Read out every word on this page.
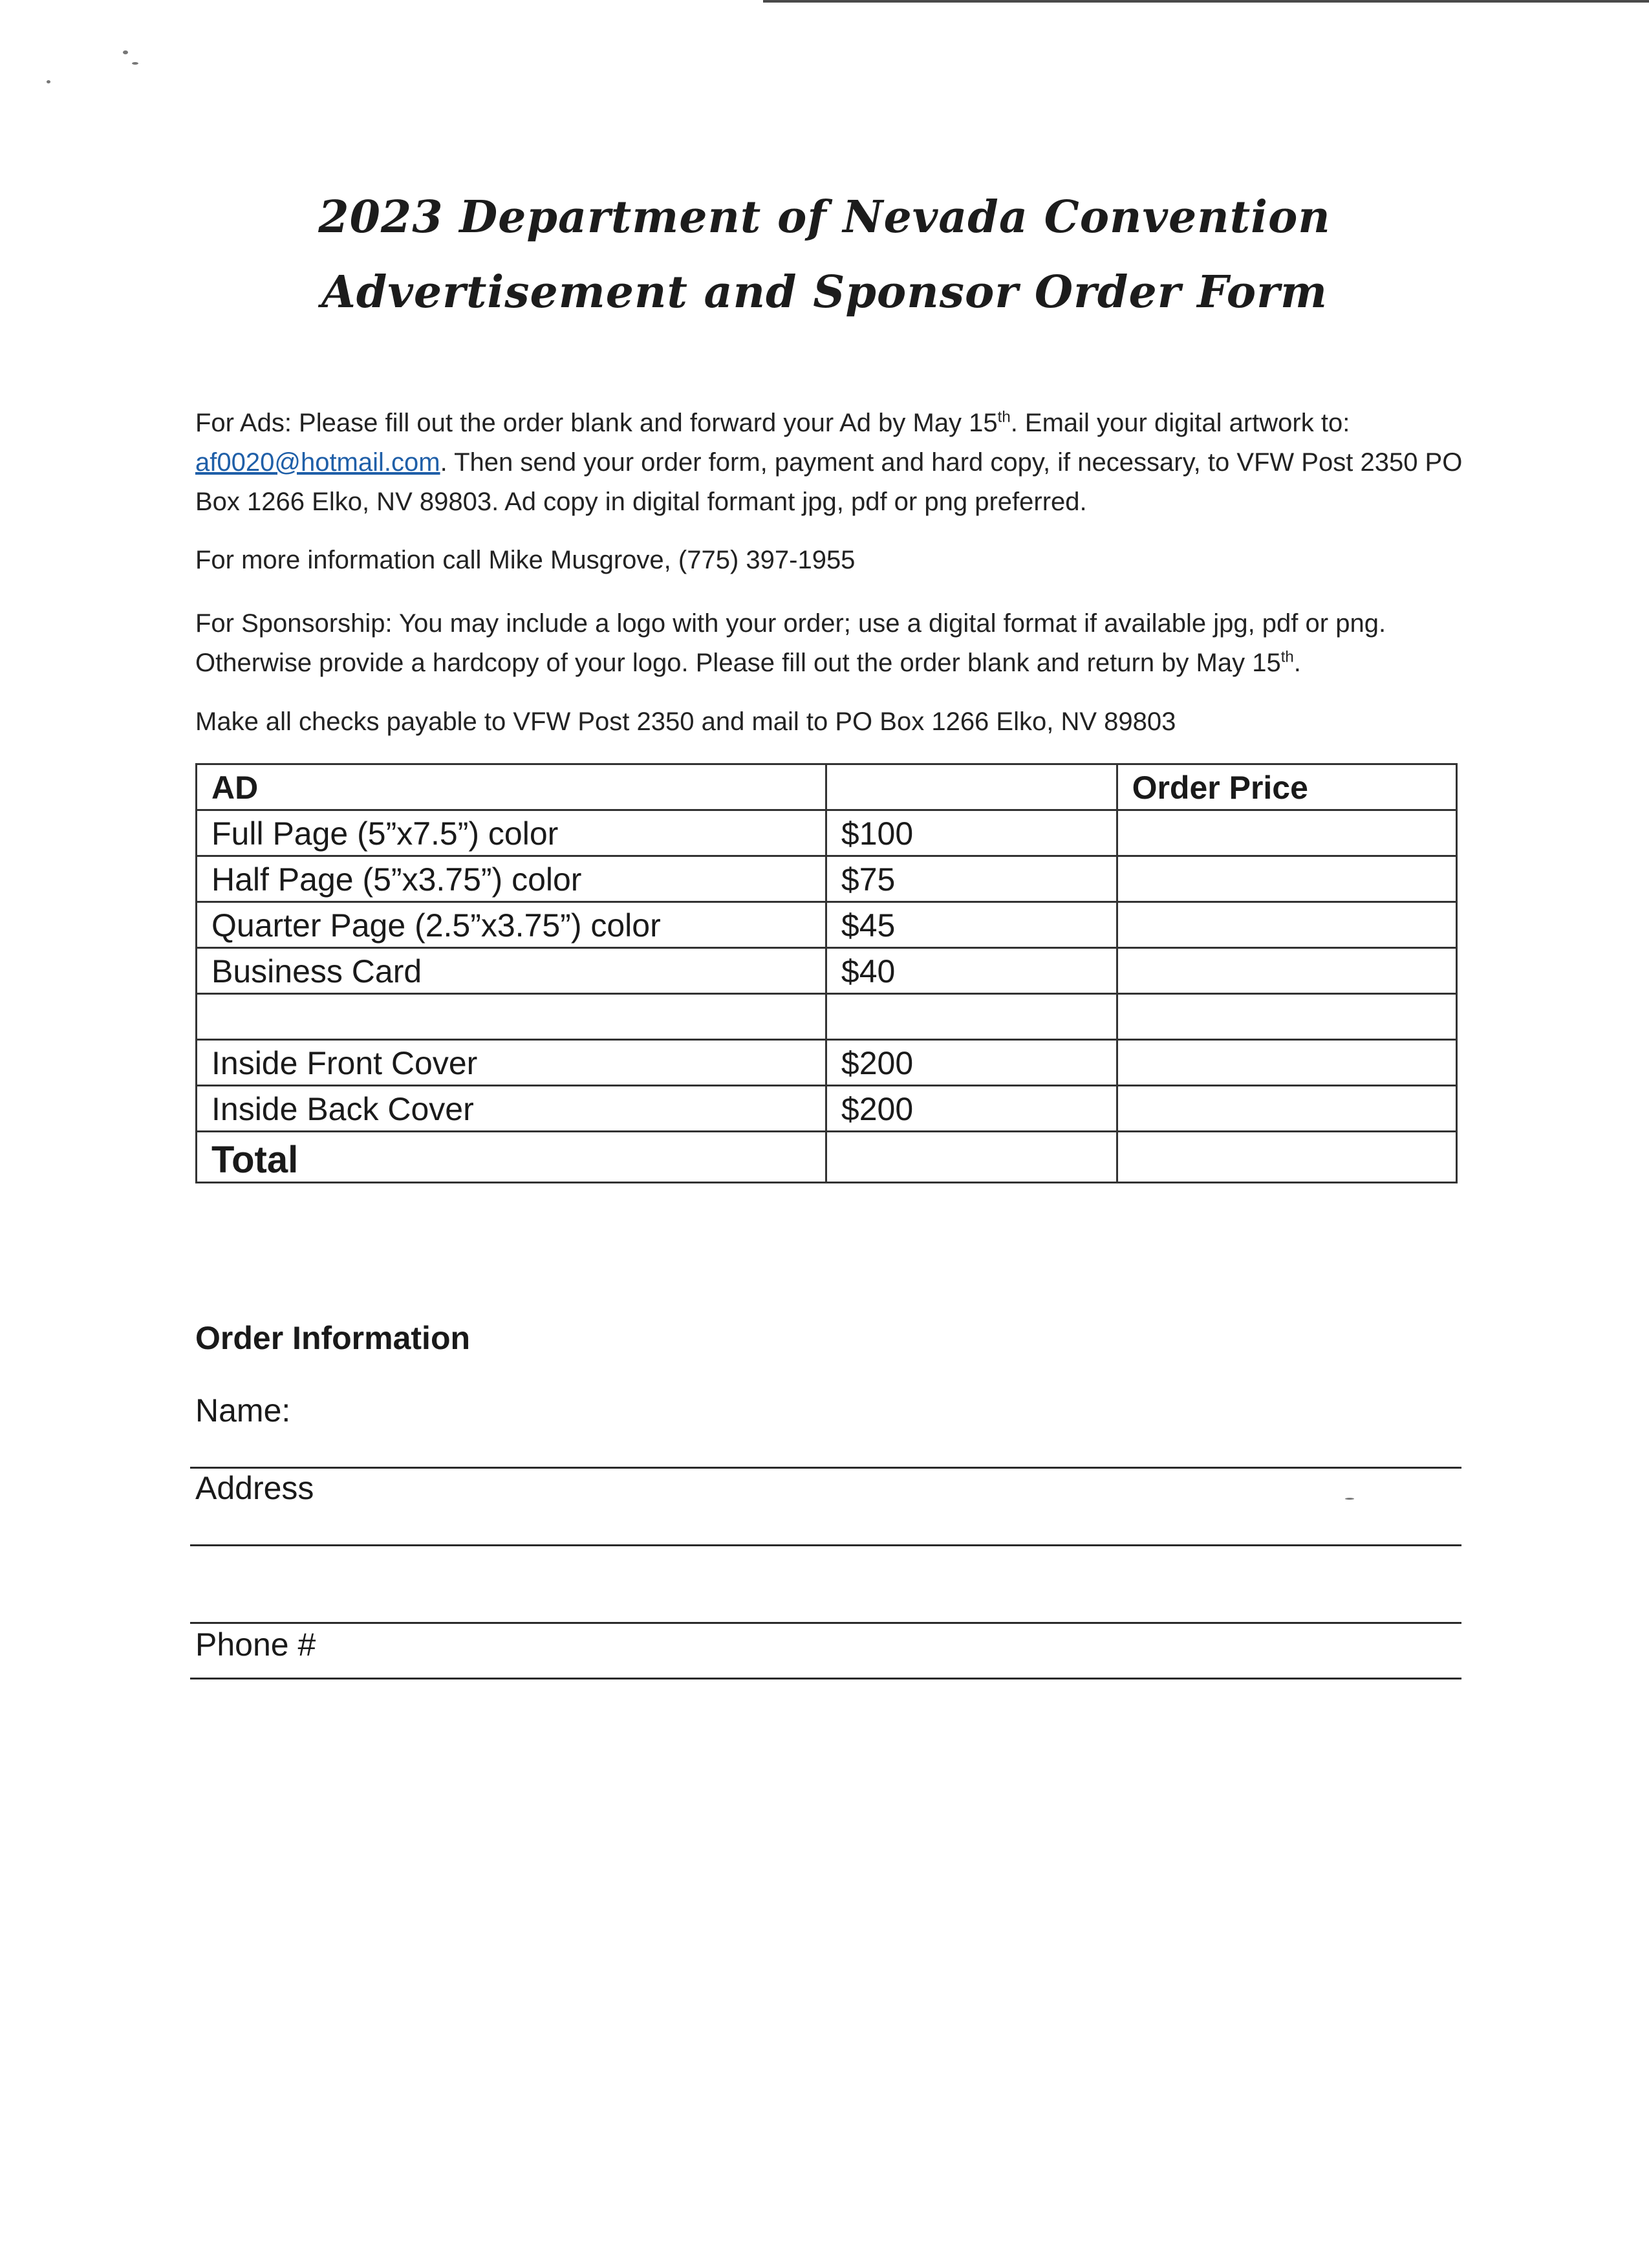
2023 Department of Nevada Convention
Advertisement and Sponsor Order Form
For Ads: Please fill out the order blank and forward your Ad by May 15th. Email your digital artwork to:
af0020@hotmail.com. Then send your order form, payment and hard copy, if necessary, to VFW Post 2350 PO Box 1266 Elko, NV 89803. Ad copy in digital formant jpg, pdf or png preferred.
For more information call Mike Musgrove, (775) 397-1955
For Sponsorship: You may include a logo with your order; use a digital format if available jpg, pdf or png. Otherwise provide a hardcopy of your logo. Please fill out the order blank and return by May 15th.
Make all checks payable to VFW Post 2350 and mail to PO Box 1266 Elko, NV 89803
AD		Order Price
Full Page (5”x7.5”) color	$100	
Half Page (5”x3.75”) color	$75	
Quarter Page (2.5”x3.75”) color	$45	
Business Card	$40	

Inside Front Cover	$200	
Inside Back Cover	$200	
Total		
Order Information
Name:
Address
Phone #
